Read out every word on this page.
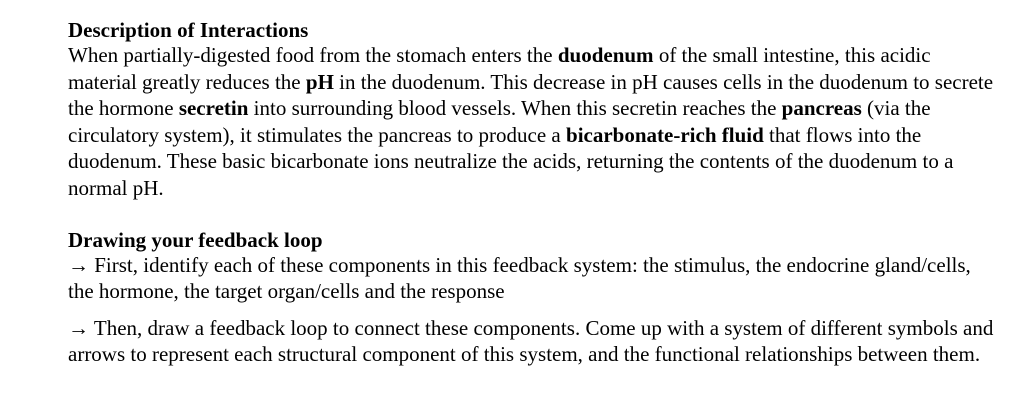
Description of Interactions

When partially-digested food from the stomach enters the duodenum of the small intestine, this acidic material greatly reduces the pH in the duodenum. This decrease in pH causes cells in the duodenum to secrete the hormone secretin into surrounding blood vessels. When this secretin reaches the pancreas (via the circulatory system), it stimulates the pancreas to produce a bicarbonate-rich fluid that flows into the duodenum. These basic bicarbonate ions neutralize the acids, returning the contents of the duodenum to a normal pH.

Drawing your feedback loop

→ First, identify each of these components in this feedback system: the stimulus, the endocrine gland/cells, the hormone, the target organ/cells and the response

→ Then, draw a feedback loop to connect these components. Come up with a system of different symbols and arrows to represent each structural component of this system, and the functional relationships between them.
